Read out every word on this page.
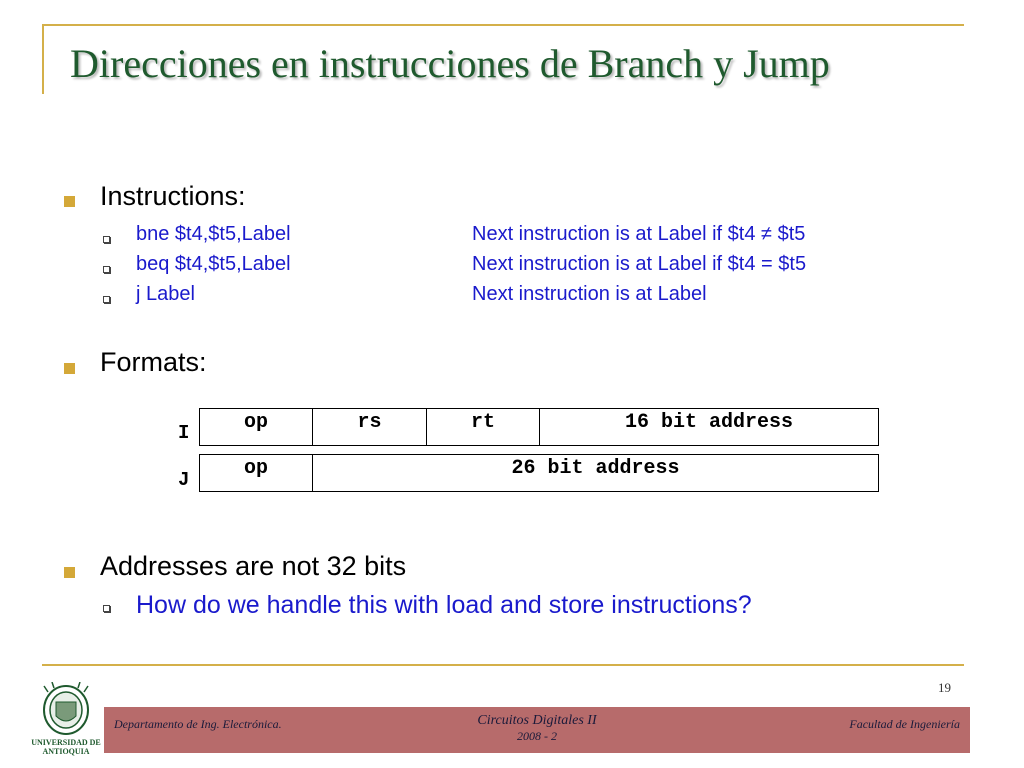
Direcciones en instrucciones de Branch y Jump
Instructions:
bne $t4,$t5,Label	Next instruction is at Label if $t4 ≠ $t5
beq $t4,$t5,Label	Next instruction is at Label if $t4 = $t5
j Label	Next instruction is at Label
Formats:
I	op	rs	rt	16 bit address
J	op	26 bit address
Addresses are not 32 bits
How do we handle this with load and store instructions?
19
UNIVERSIDAD DE ANTIOQUIA
Departamento de Ing. Electrónica.	Circuitos Digitales II
2008 - 2
Facultad de Ingeniería
